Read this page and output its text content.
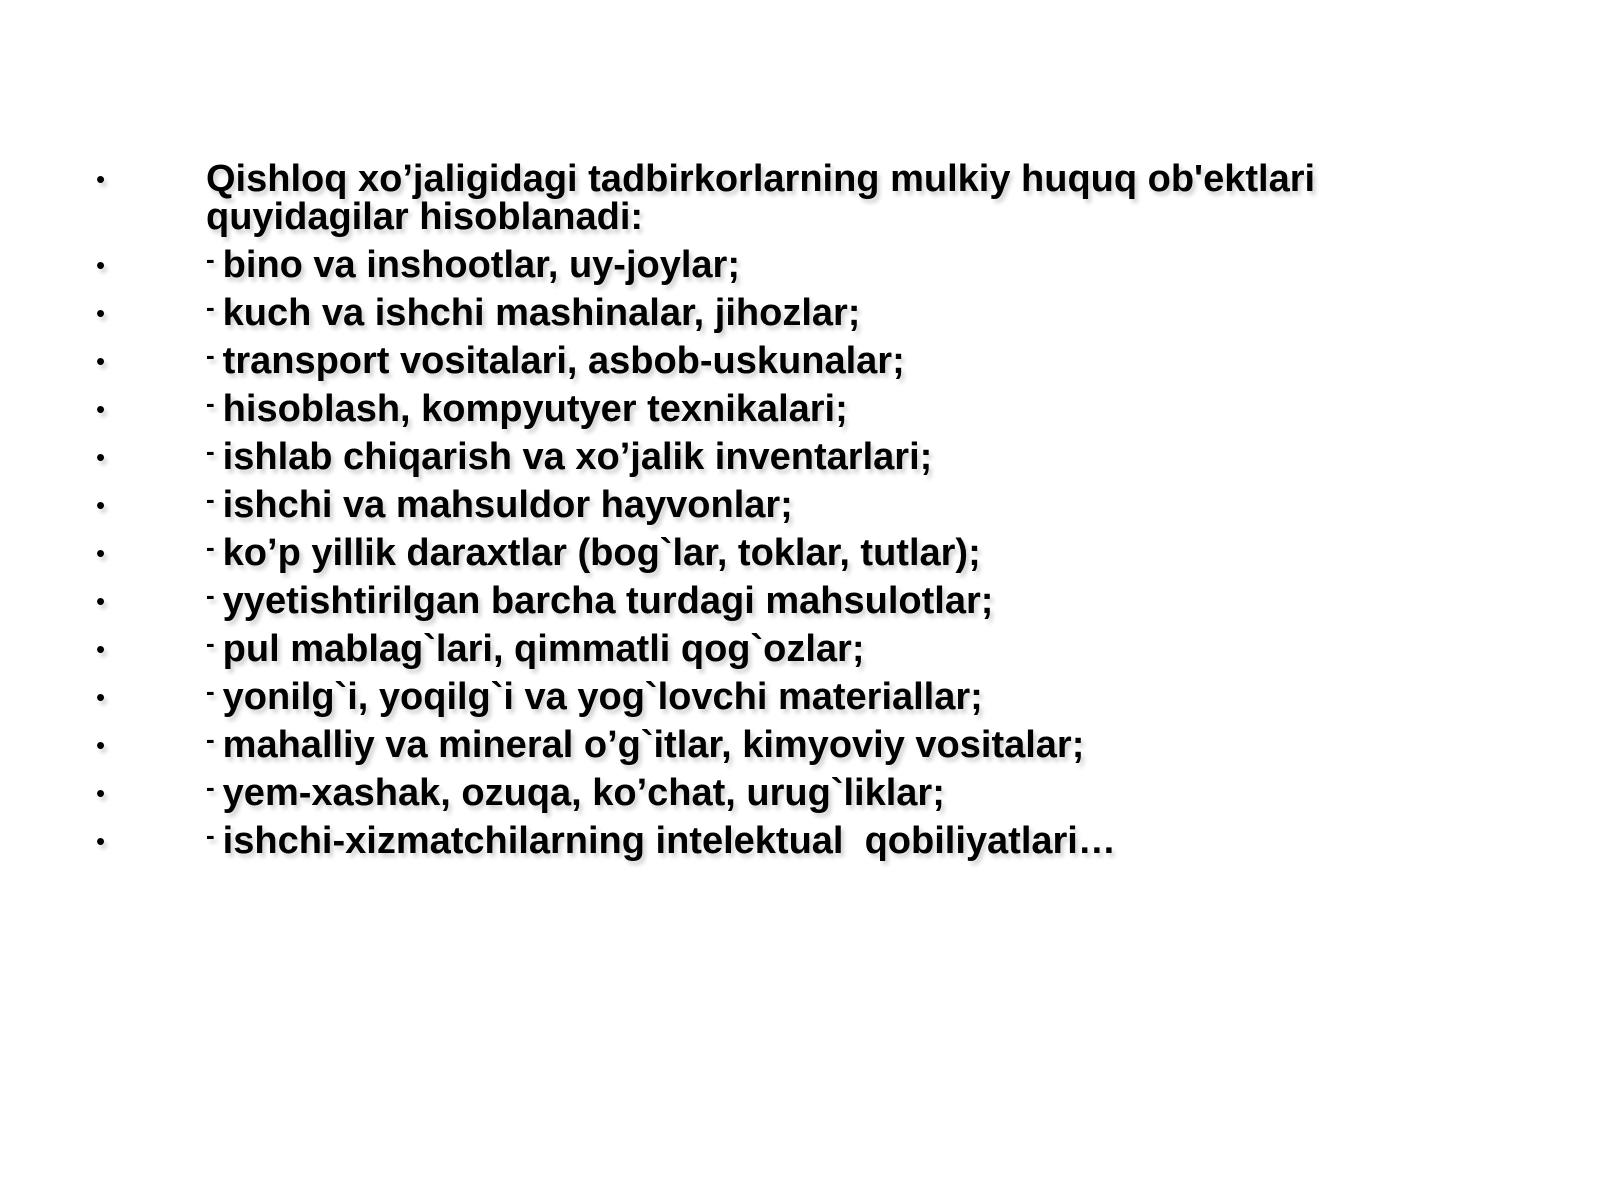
•	Qishloq xo’jaligidagi tadbirkorlarning mulkiy huquq ob'ektlari quyidagilar hisoblanadi:
•	- bino va inshootlar, uy-joylar;
•	- kuch va ishchi mashinalar, jihozlar;
•	- transport vositalari, asbob-uskunalar;
•	- hisoblash, kompyutyer texnikalari;
•	- ishlab chiqarish va xo’jalik inventarlari;
•	- ishchi va mahsuldor hayvonlar;
•	- ko’p yillik daraxtlar (bog`lar, toklar, tutlar);
•	- yyetishtirilgan barcha turdagi mahsulotlar;
•	- pul mablag`lari, qimmatli qog`ozlar;
•	- yonilg`i, yoqilg`i va yog`lovchi materiallar;
•	- mahalliy va mineral o’g`itlar, kimyoviy vositalar;
•	- yem-xashak, ozuqa, ko’chat, urug`liklar;
•	- ishchi-xizmatchilarning intelektual  qobiliyatlari…
